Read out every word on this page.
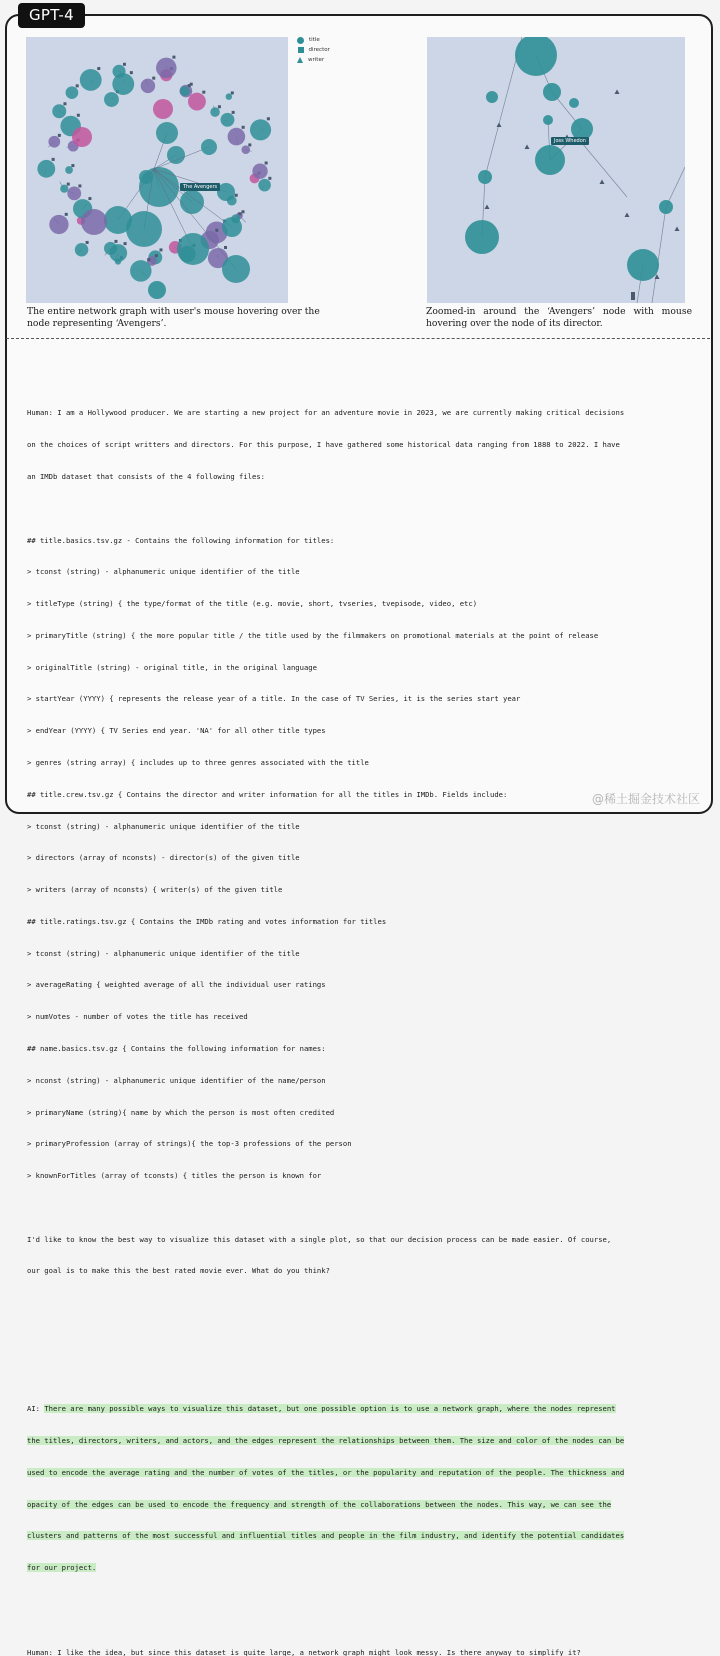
GPT-4
The Avengers
title
director
writer
Joss Whedon
The entire network graph with user's mouse hovering over the node representing ‘Avengers’.
Zoomed-in around the ‘Avengers’ node with mouse hovering over the node of its director.

Human: I am a Hollywood producer. We are starting a new project for an adventure movie in 2023, we are currently making critical decisions

on the choices of script writters and directors. For this purpose, I have gathered some historical data ranging from 1888 to 2022. I have

an IMDb dataset that consists of the 4 following files:

## title.basics.tsv.gz - Contains the following information for titles:

> tconst (string) - alphanumeric unique identifier of the title

> titleType (string) { the type/format of the title (e.g. movie, short, tvseries, tvepisode, video, etc)

> primaryTitle (string) { the more popular title / the title used by the filmmakers on promotional materials at the point of release

> originalTitle (string) - original title, in the original language

> startYear (YYYY) { represents the release year of a title. In the case of TV Series, it is the series start year

> endYear (YYYY) { TV Series end year. 'NA' for all other title types

> genres (string array) { includes up to three genres associated with the title

## title.crew.tsv.gz { Contains the director and writer information for all the titles in IMDb. Fields include:

> tconst (string) - alphanumeric unique identifier of the title

> directors (array of nconsts) - director(s) of the given title

> writers (array of nconsts) { writer(s) of the given title

## title.ratings.tsv.gz { Contains the IMDb rating and votes information for titles

> tconst (string) - alphanumeric unique identifier of the title

> averageRating { weighted average of all the individual user ratings

> numVotes - number of votes the title has received

## name.basics.tsv.gz { Contains the following information for names:

> nconst (string) - alphanumeric unique identifier of the name/person

> primaryName (string){ name by which the person is most often credited

> primaryProfession (array of strings){ the top-3 professions of the person

> knownForTitles (array of tconsts) { titles the person is known for

I'd like to know the best way to visualize this dataset with a single plot, so that our decision process can be made easier. Of course,

our goal is to make this the best rated movie ever. What do you think?

AI: There are many possible ways to visualize this dataset, but one possible option is to use a network graph, where the nodes represent

the titles, directors, writers, and actors, and the edges represent the relationships between them. The size and color of the nodes can be

used to encode the average rating and the number of votes of the titles, or the popularity and reputation of the people. The thickness and

opacity of the edges can be used to encode the frequency and strength of the collaborations between the nodes. This way, we can see the

clusters and patterns of the most successful and influential titles and people in the film industry, and identify the potential candidates

for our project.

Human: I like the idea, but since this dataset is quite large, a network graph might look messy. Is there anyway to simplify it?

@稀土掘金技术社区
